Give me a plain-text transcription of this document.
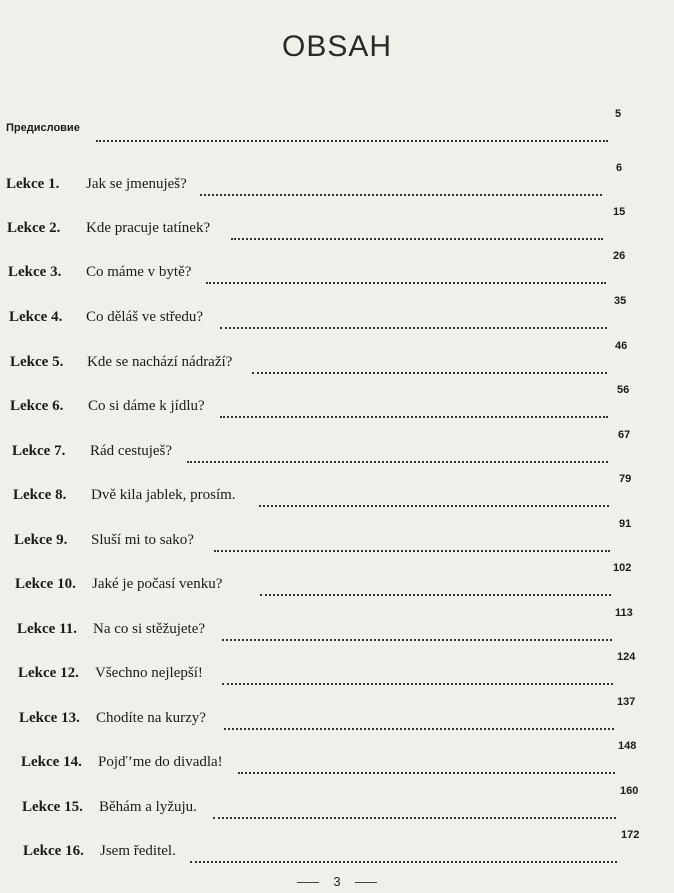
OBSAH
Предисловие
5
Lekce 1. Jak se jmenuješ?
6
Lekce 2. Kde pracuje tatínek?
15
Lekce 3. Co máme v bytě?
26
Lekce 4. Co děláš ve středu?
35
Lekce 5. Kde se nachází nádraží?
46
Lekce 6. Co si dáme k jídlu?
56
Lekce 7. Rád cestuješ?
67
Lekce 8. Dvě kila jablek, prosím.
79
Lekce 9. Sluší mi to sako?
91
Lekce 10. Jaké je počasí venku?
102
Lekce 11. Na co si stěžujete?
113
Lekce 12. Všechno nejlepší!
124
Lekce 13. Chodíte na kurzy?
137
Lekce 14. Pojď’me do divadla!
148
Lekce 15. Běhám a lyžuju.
160
Lekce 16. Jsem ředitel.
172
3
